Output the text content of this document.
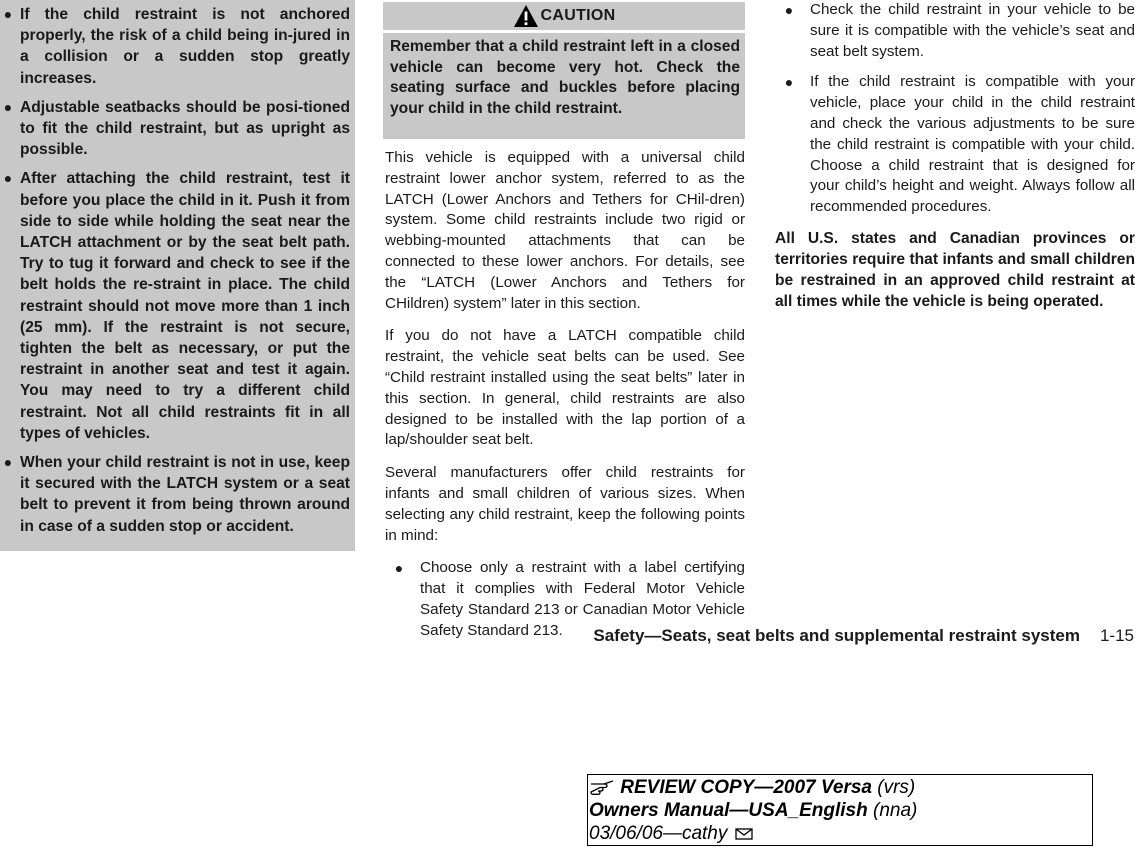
● If the child restraint is not anchored properly, the risk of a child being in-jured in a collision or a sudden stop greatly increases.
● Adjustable seatbacks should be posi-tioned to fit the child restraint, but as upright as possible.
● After attaching the child restraint, test it before you place the child in it. Push it from side to side while holding the seat near the LATCH attachment or by the seat belt path. Try to tug it forward and check to see if the belt holds the re-straint in place. The child restraint should not move more than 1 inch (25 mm). If the restraint is not secure, tighten the belt as necessary, or put the restraint in another seat and test it again. You may need to try a different child restraint. Not all child restraints fit in all types of vehicles.
● When your child restraint is not in use, keep it secured with the LATCH system or a seat belt to prevent it from being thrown around in case of a sudden stop or accident.
CAUTION

Remember that a child restraint left in a closed vehicle can become very hot. Check the seating surface and buckles before placing your child in the child restraint.

This vehicle is equipped with a universal child restraint lower anchor system, referred to as the LATCH (Lower Anchors and Tethers for CHil-dren) system. Some child restraints include two rigid or webbing-mounted attachments that can be connected to these lower anchors. For details, see the “LATCH (Lower Anchors and Tethers for CHildren) system” later in this section.

If you do not have a LATCH compatible child restraint, the vehicle seat belts can be used. See “Child restraint installed using the seat belts” later in this section. In general, child restraints are also designed to be installed with the lap portion of a lap/shoulder seat belt.

Several manufacturers offer child restraints for infants and small children of various sizes. When selecting any child restraint, keep the following points in mind:

● Choose only a restraint with a label certifying that it complies with Federal Motor Vehicle Safety Standard 213 or Canadian Motor Vehicle Safety Standard 213.
● Check the child restraint in your vehicle to be sure it is compatible with the vehicle’s seat and seat belt system.
● If the child restraint is compatible with your vehicle, place your child in the child restraint and check the various adjustments to be sure the child restraint is compatible with your child. Choose a child restraint that is designed for your child’s height and weight. Always follow all recommended procedures.

All U.S. states and Canadian provinces or territories require that infants and small children be restrained in an approved child restraint at all times while the vehicle is being operated.

Safety—Seats, seat belts and supplemental restraint system 1-15
REVIEW COPY—2007 Versa (vrs)
Owners Manual—USA_English (nna)
03/06/06—cathy
